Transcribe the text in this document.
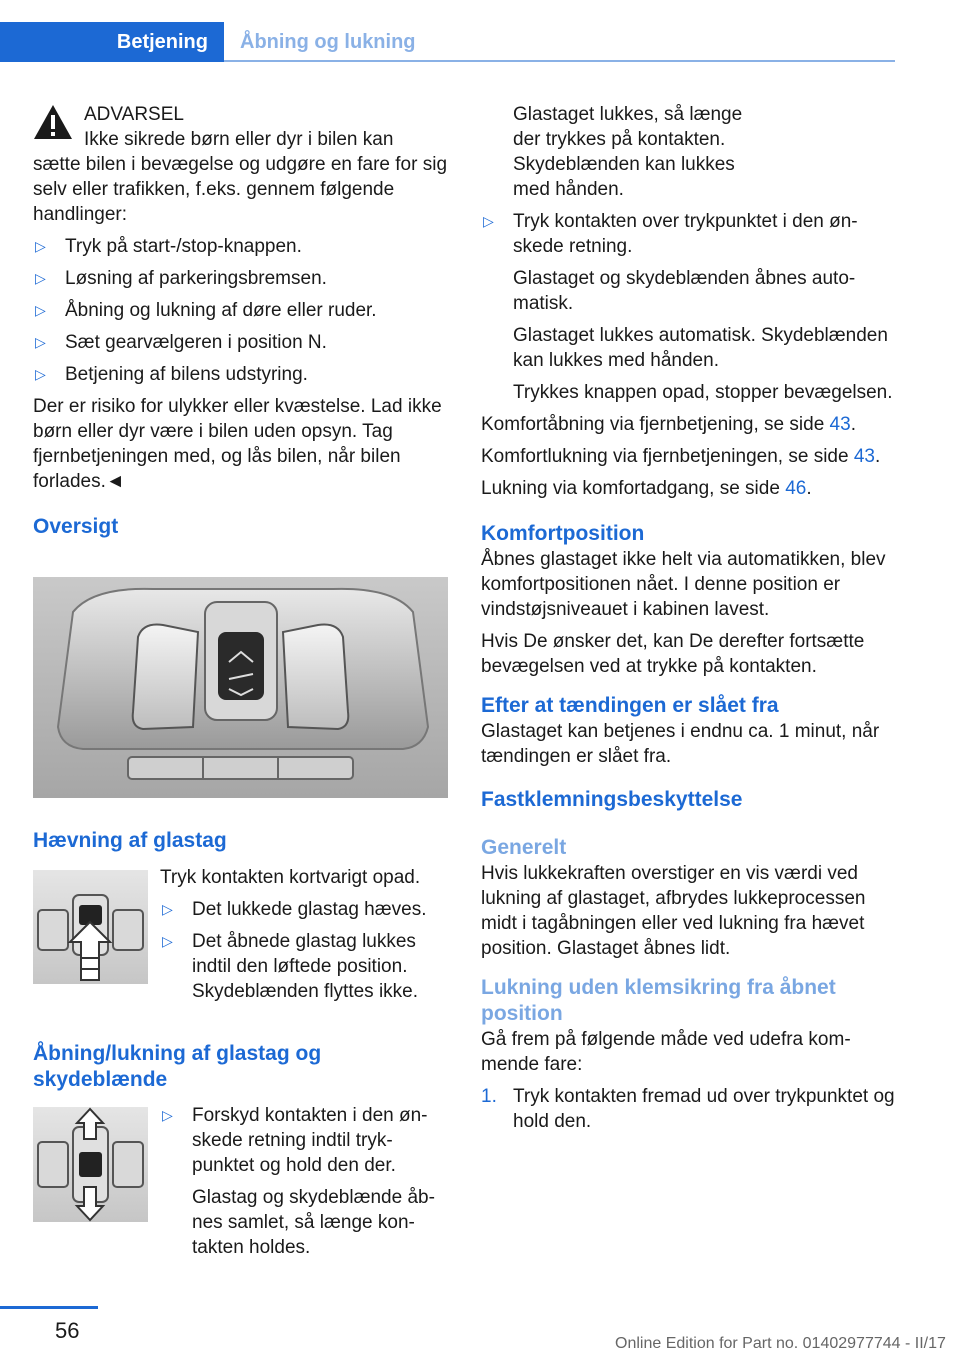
Betjening	Åbning og lukning

ADVARSEL

Ikke sikrede børn eller dyr i bilen kan

sætte bilen i bevægelse og udgøre en fare for sig selv eller trafikken, f.eks. gennem følgende handlinger:

▷ Tryk på start-/stop-knappen.
▷ Løsning af parkeringsbremsen.
▷ Åbning og lukning af døre eller ruder.
▷ Sæt gearvælgeren i position N.
▷ Betjening af bilens udstyring.

Der er risiko for ulykker eller kvæstelse. Lad ikke børn eller dyr være i bilen uden opsyn. Tag fjernbetjeningen med, og lås bilen, når bilen forlades.◄

Oversigt

Hævning af glastag

Tryk kontakten kortvarigt opad.

▷ Det lukkede glastag hæves.
▷ Det åbnede glastag lukkes indtil den løftede position. Skydeblænden flyttes ikke.

Åbning/lukning af glastag og skydeblænde

▷ Forskyd kontakten i den ønskede retning indtil trykpunktet og hold den der.

Glastag og skydeblænde åbnes samlet, så længe kontakten holdes.

Glastaget lukkes, så længe der trykkes på kontakten. Skydeblænden kan lukkes med hånden.

▷ Tryk kontakten over trykpunktet i den ønskede retning.

Glastaget og skydeblænden åbnes automatisk.

Glastaget lukkes automatisk. Skydeblænden kan lukkes med hånden.

Trykkes knappen opad, stopper bevægelsen.

Komfortåbning via fjernbetjening, se side 43.

Komfortlukning via fjernbetjeningen, se side 43.

Lukning via komfortadgang, se side 46.

Komfortposition

Åbnes glastaget ikke helt via automatikken, blev komfortpositionen nået. I denne position er vindstøjsniveauet i kabinen lavest.

Hvis De ønsker det, kan De derefter fortsætte bevægelsen ved at trykke på kontakten.

Efter at tændingen er slået fra

Glastaget kan betjenes i endnu ca. 1 minut, når tændingen er slået fra.

Fastklemningsbeskyttelse

Generelt

Hvis lukkekraften overstiger en vis værdi ved lukning af glastaget, afbrydes lukkeprocessen midt i tagåbningen eller ved lukning fra hævet position. Glastaget åbnes lidt.

Lukning uden klemsikring fra åbnet position

Gå frem på følgende måde ved udefra kommende fare:

1. Tryk kontakten fremad ud over trykpunktet og hold den.
56
Online Edition for Part no. 01402977744 - II/17
